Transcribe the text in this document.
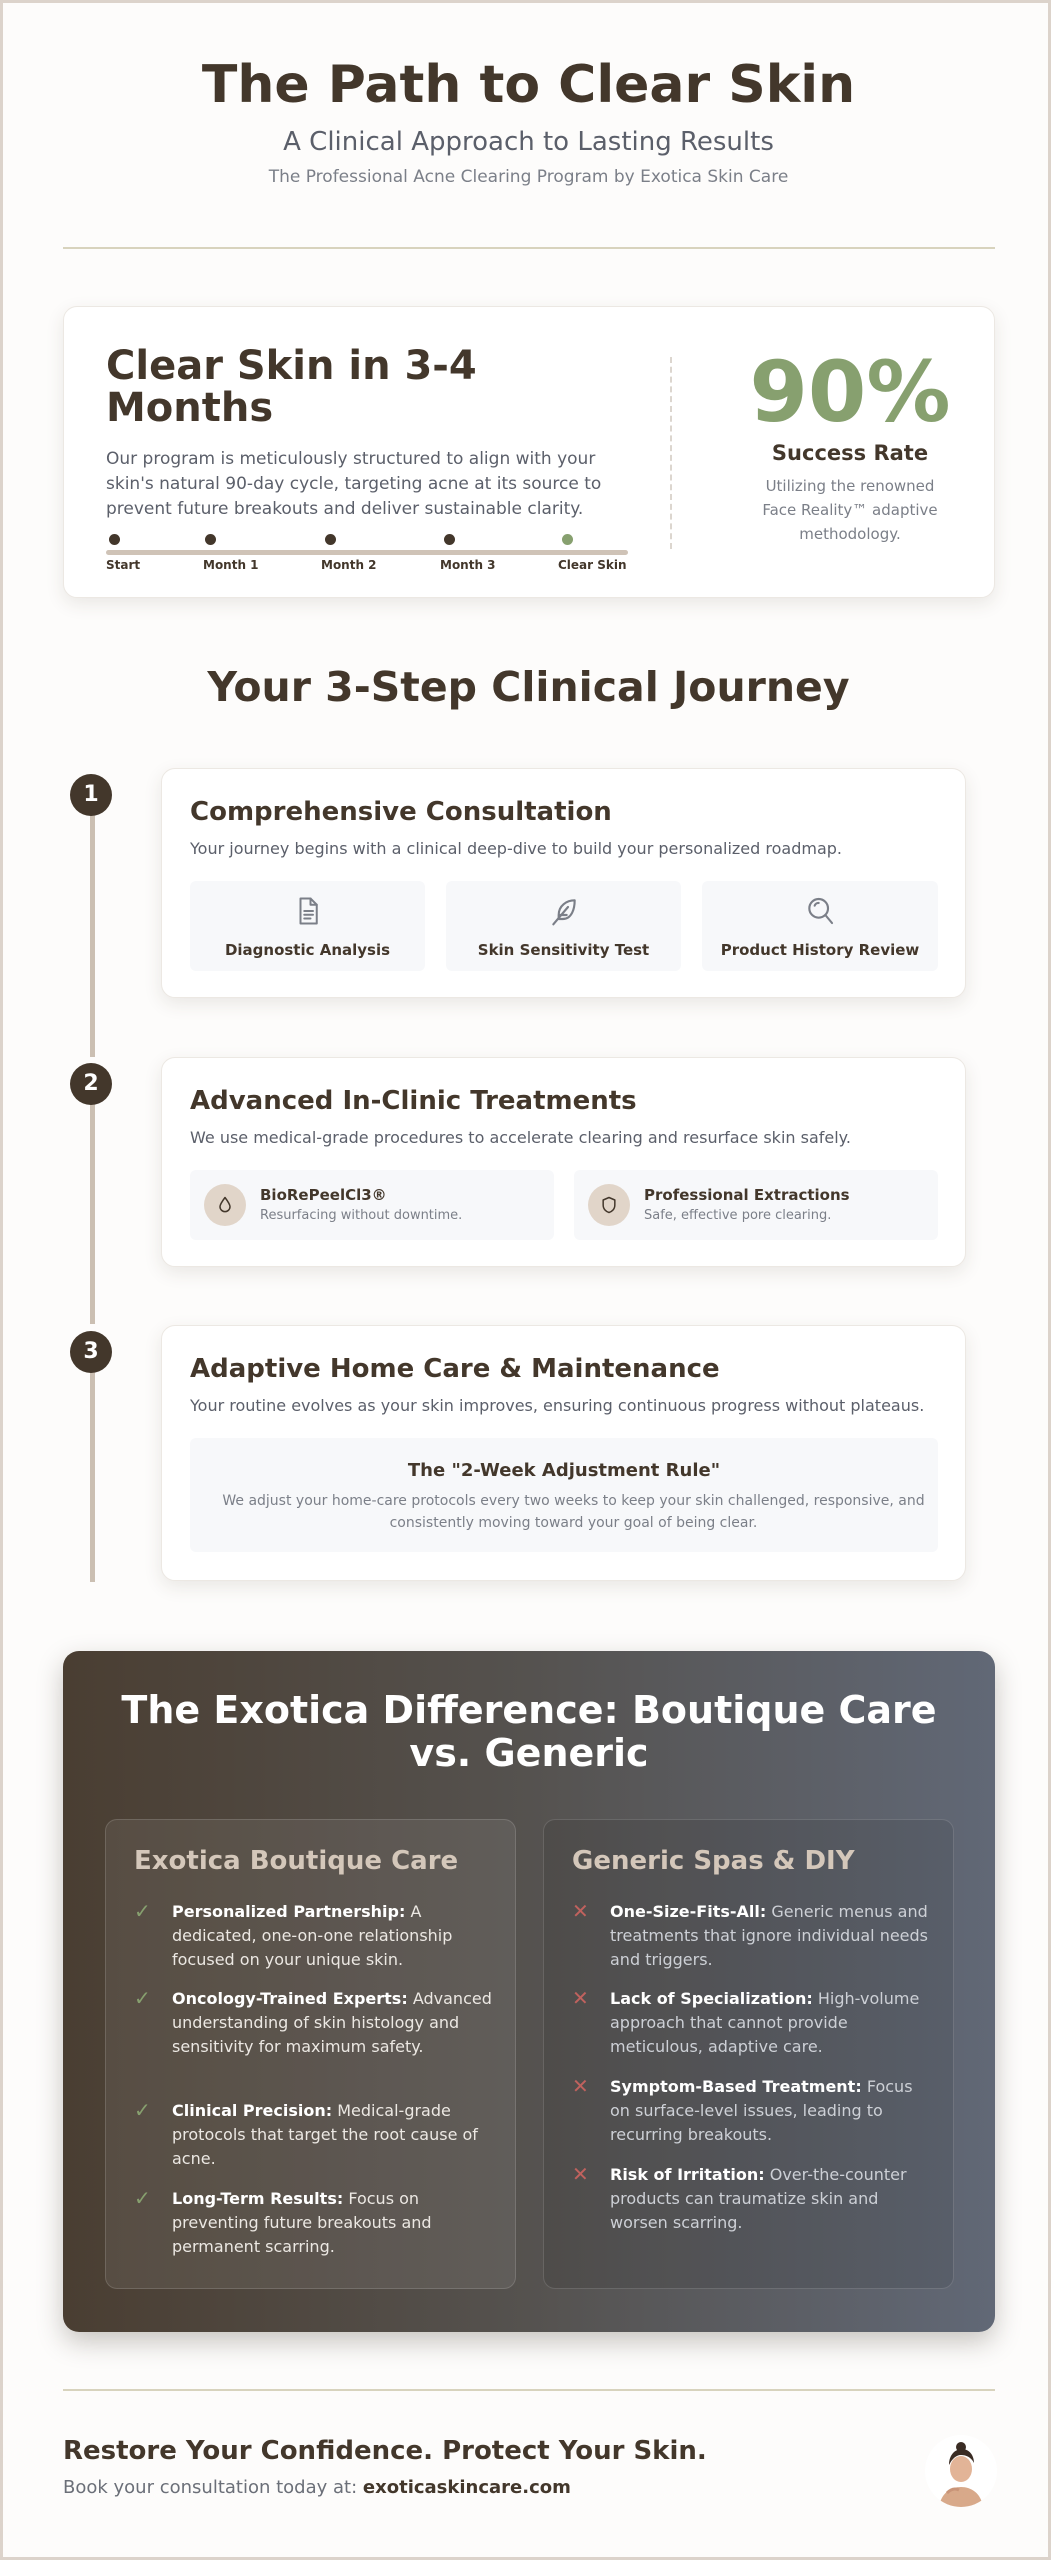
The Path to Clear Skin
A Clinical Approach to Lasting Results
The Professional Acne Clearing Program by Exotica Skin Care
Clear Skin in 3-4 Months
Our program is meticulously structured to align with your skin's natural 90-day cycle, targeting acne at its source to prevent future breakouts and deliver sustainable clarity.
Start	Month 1	Month 2	Month 3	Clear Skin
90%
Success Rate
Utilizing the renowned Face Reality™ adaptive methodology.
Your 3-Step Clinical Journey
1
2
3
Comprehensive Consultation
Your journey begins with a clinical deep-dive to build your personalized roadmap.
Diagnostic Analysis	Skin Sensitivity Test	Product History Review
Advanced In-Clinic Treatments
We use medical-grade procedures to accelerate clearing and resurface skin safely.
BioRePeelCl3®
Resurfacing without downtime.
Professional Extractions
Safe, effective pore clearing.
Adaptive Home Care & Maintenance
Your routine evolves as your skin improves, ensuring continuous progress without plateaus.
The "2-Week Adjustment Rule"
We adjust your home-care protocols every two weeks to keep your skin challenged, responsive, and consistently moving toward your goal of being clear.
The Exotica Difference: Boutique Care vs. Generic
Exotica Boutique Care
✓ Personalized Partnership: A dedicated, one-on-one relationship focused on your unique skin.
✓ Oncology-Trained Experts: Advanced understanding of skin histology and sensitivity for maximum safety.
✓ Clinical Precision: Medical-grade protocols that target the root cause of acne.
✓ Long-Term Results: Focus on preventing future breakouts and permanent scarring.
Generic Spas & DIY
✕ One-Size-Fits-All: Generic menus and treatments that ignore individual needs and triggers.
✕ Lack of Specialization: High-volume approach that cannot provide meticulous, adaptive care.
✕ Symptom-Based Treatment: Focus on surface-level issues, leading to recurring breakouts.
✕ Risk of Irritation: Over-the-counter products can traumatize skin and worsen scarring.
Restore Your Confidence. Protect Your Skin.
Book your consultation today at: exoticaskincare.com
